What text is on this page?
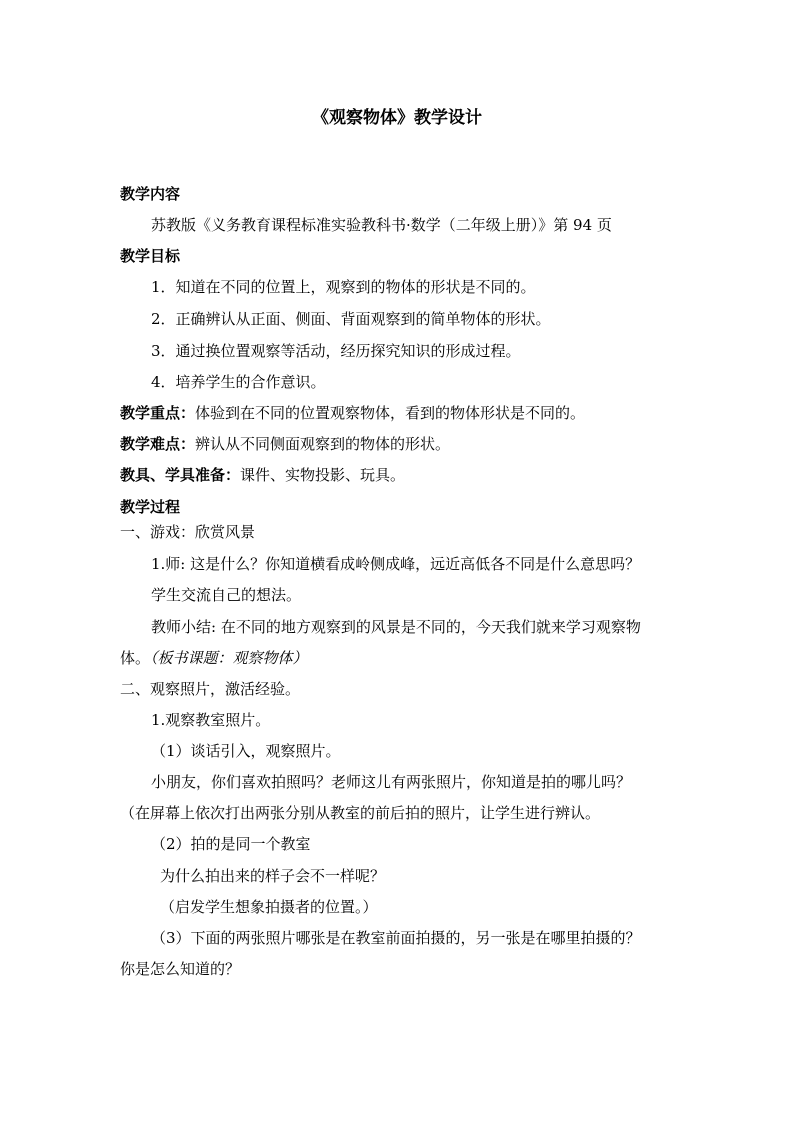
《观察物体》教学设计
教学内容
苏教版《义务教育课程标准实验教科书·数学（二年级上册）》第 94 页
教学目标
1．知道在不同的位置上，观察到的物体的形状是不同的。
2．正确辨认从正面、侧面、背面观察到的简单物体的形状。
3．通过换位置观察等活动，经历探究知识的形成过程。
4．培养学生的合作意识。
教学重点：体验到在不同的位置观察物体，看到的物体形状是不同的。
教学难点：辨认从不同侧面观察到的物体的形状。
教具、学具准备：课件、实物投影、玩具。
教学过程
一、游戏：欣赏风景
1.师: 这是什么？你知道横看成岭侧成峰，远近高低各不同是什么意思吗？
学生交流自己的想法。
教师小结: 在不同的地方观察到的风景是不同的，今天我们就来学习观察物
体。（板书课题：观察物体）
二、观察照片，激活经验。
1.观察教室照片。
（1）谈话引入，观察照片。
小朋友，你们喜欢拍照吗？老师这儿有两张照片，你知道是拍的哪儿吗？
（在屏幕上依次打出两张分别从教室的前后拍的照片，让学生进行辨认。
（2）拍的是同一个教室
为什么拍出来的样子会不一样呢？
（启发学生想象拍摄者的位置。）
（3）下面的两张照片哪张是在教室前面拍摄的，另一张是在哪里拍摄的？
你是怎么知道的？
